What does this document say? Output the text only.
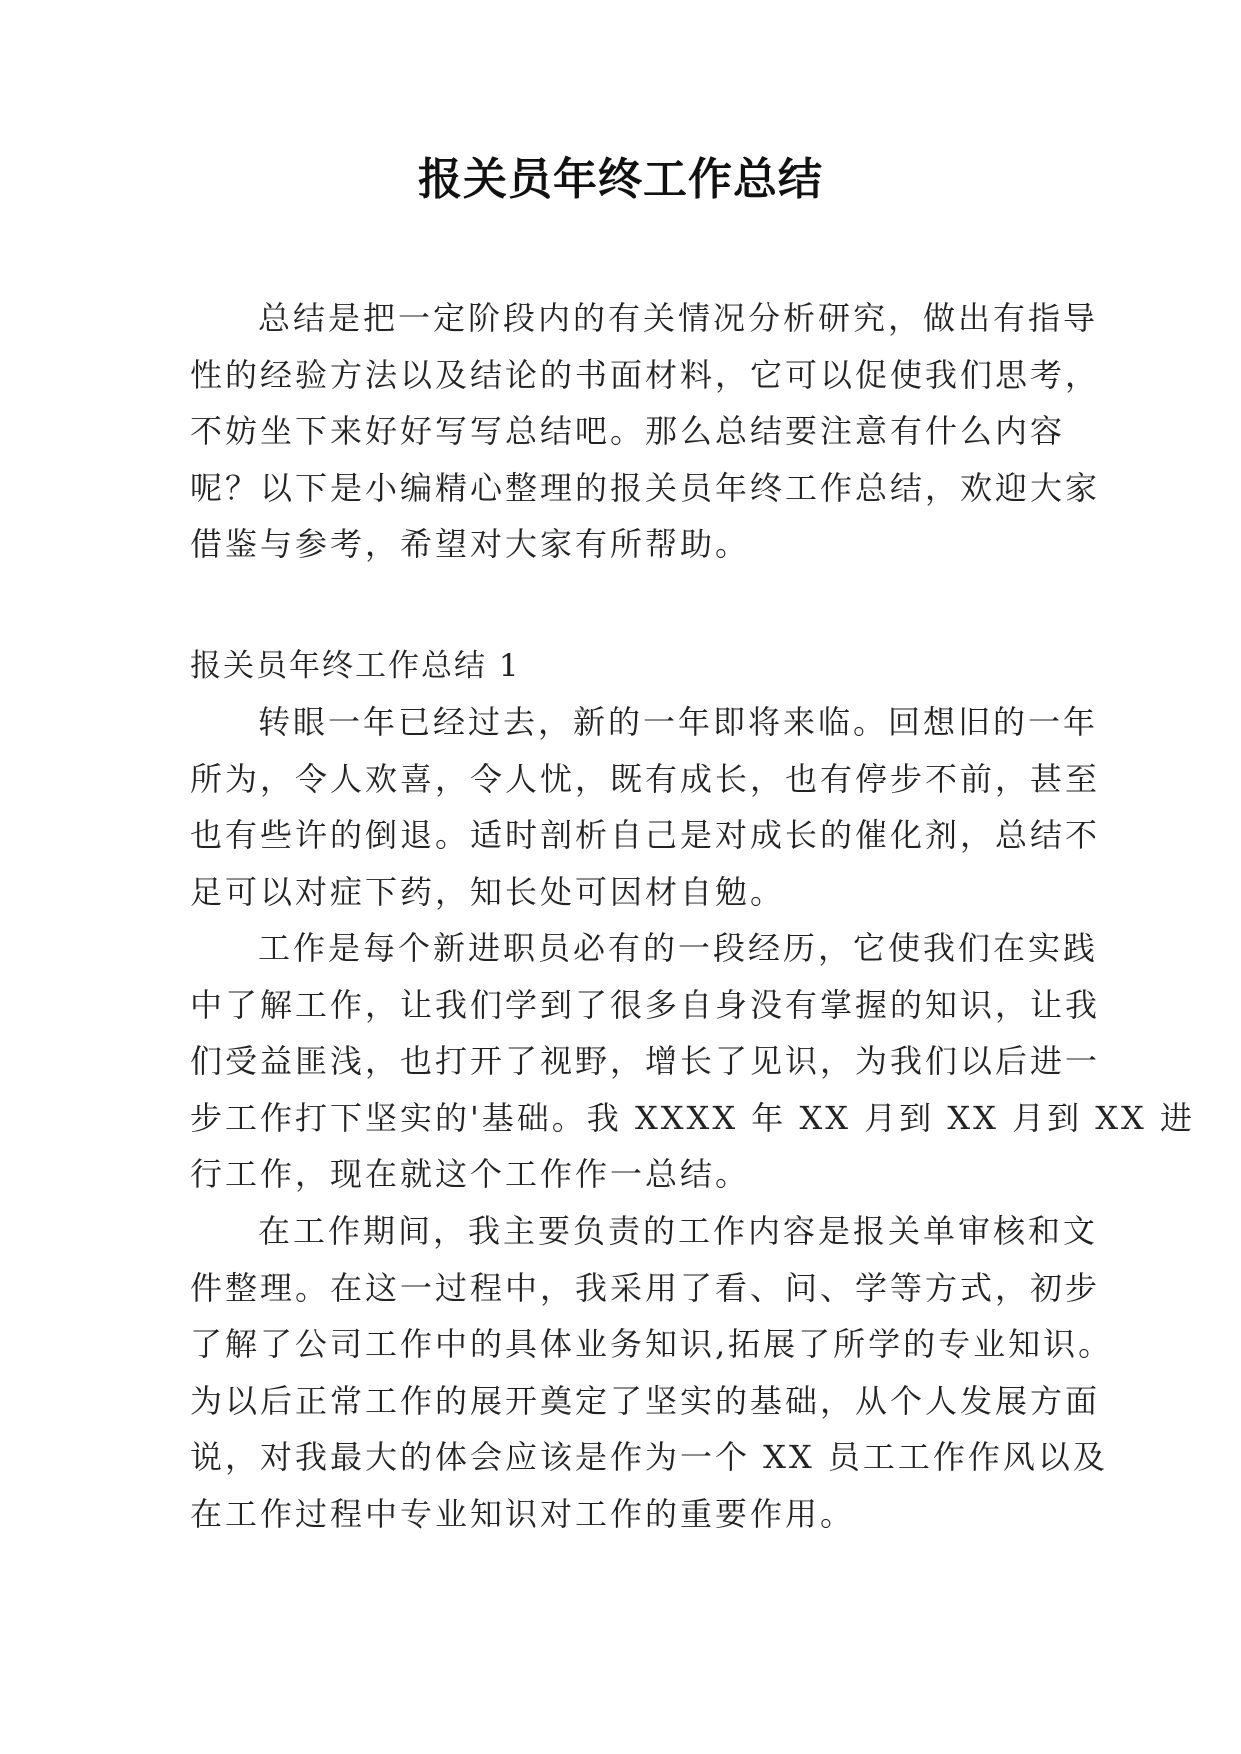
报关员年终工作总结
总结是把一定阶段内的有关情况分析研究，做出有指导
性的经验方法以及结论的书面材料，它可以促使我们思考，
不妨坐下来好好写写总结吧。那么总结要注意有什么内容
呢？以下是小编精心整理的报关员年终工作总结，欢迎大家
借鉴与参考，希望对大家有所帮助。
报关员年终工作总结 1
转眼一年已经过去，新的一年即将来临。回想旧的一年
所为，令人欢喜，令人忧，既有成长，也有停步不前，甚至
也有些许的倒退。适时剖析自己是对成长的催化剂，总结不
足可以对症下药，知长处可因材自勉。
工作是每个新进职员必有的一段经历，它使我们在实践
中了解工作，让我们学到了很多自身没有掌握的知识，让我
们受益匪浅，也打开了视野，增长了见识，为我们以后进一
步工作打下坚实的'基础。我 XXXX 年 XX 月到 XX 月到 XX 进
行工作，现在就这个工作作一总结。
在工作期间，我主要负责的工作内容是报关单审核和文
件整理。在这一过程中，我采用了看、问、学等方式，初步
了解了公司工作中的具体业务知识,拓展了所学的专业知识。
为以后正常工作的展开奠定了坚实的基础，从个人发展方面
说，对我最大的体会应该是作为一个 XX 员工工作作风以及
在工作过程中专业知识对工作的重要作用。
